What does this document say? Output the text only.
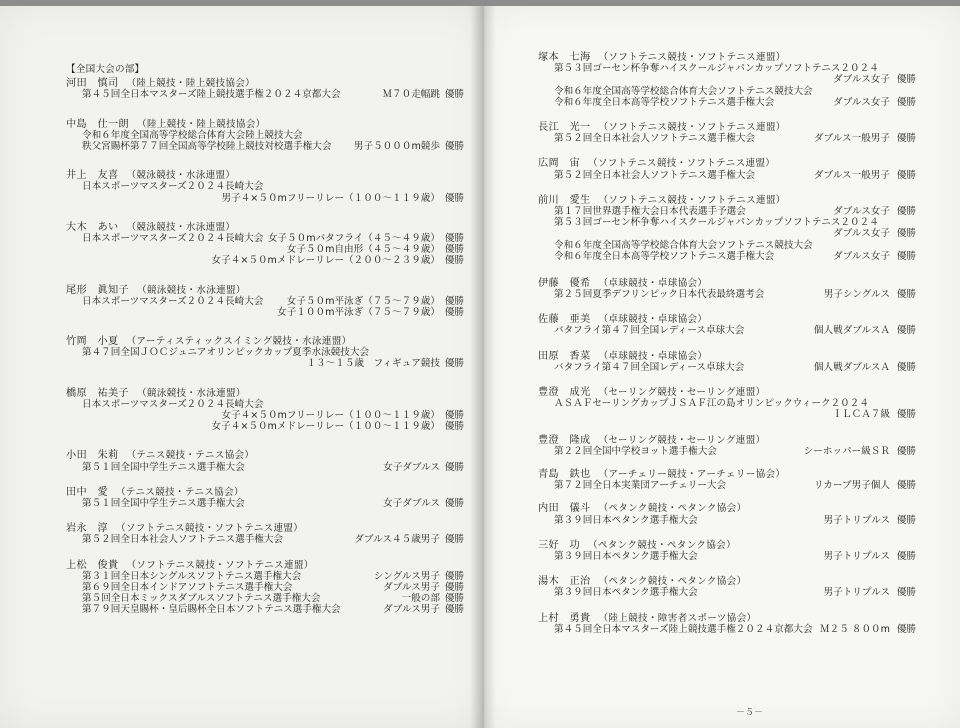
【全国大会の部】
河田　慎司 （陸上競技・陸上競技協会）
第４５回全日本マスターズ陸上競技選手権２０２４京都大会	Ｍ７０走幅跳 優勝
中島　仕一朗 （陸上競技・陸上競技協会）
令和６年度全国高等学校総合体育大会陸上競技大会
秩父宮賜杯第７７回全国高等学校陸上競技対校選手権大会 男子５０００m競歩 優勝
井上　友喜 （競泳競技・水泳連盟）
日本スポーツマスターズ２０２４長崎大会
男子４×５０mフリーリレー（１００～１１９歳） 優勝
大木　あい （競泳競技・水泳連盟）
日本スポーツマスターズ２０２４長崎大会 女子５０mバタフライ（４５～４９歳） 優勝
女子５０m自由形（４５～４９歳） 優勝
女子４×５０mメドレーリレー（２００～２３９歳） 優勝
尾形　眞知子 （競泳競技・水泳連盟）
日本スポーツマスターズ２０２４長崎大会 女子５０m平泳ぎ（７５～７９歳） 優勝
女子１００m平泳ぎ（７５～７９歳） 優勝
竹岡　小夏 （アーティスティックスイミング競技・水泳連盟）
第４７回全国ＪＯＣジュニアオリンピックカップ夏季水泳競技大会
１３～１５歳　フィギュア競技 優勝
橋原　祐美子 （競泳競技・水泳連盟）
日本スポーツマスターズ２０２４長崎大会
女子４×５０mフリーリレー（１００～１１９歳） 優勝
女子４×５０mメドレーリレー（１００～１１９歳） 優勝
小田　朱莉 （テニス競技・テニス協会）
第５１回全国中学生テニス選手権大会	女子ダブルス 優勝
田中　愛 （テニス競技・テニス協会）
第５１回全国中学生テニス選手権大会	女子ダブルス 優勝
岩永　淳 （ソフトテニス競技・ソフトテニス連盟）
第５２回全日本社会人ソフトテニス選手権大会	ダブルス４５歳男子 優勝
上松　俊貴 （ソフトテニス競技・ソフトテニス連盟）
第３１回全日本シングルスソフトテニス選手権大会	シングルス男子 優勝
第６９回全日本インドアソフトテニス選手権大会	ダブルス男子 優勝
第５回全日本ミックスダブルスソフトテニス選手権大会	一般の部 優勝
第７９回天皇賜杯・皇后賜杯全日本ソフトテニス選手権大会	ダブルス男子 優勝
塚本　七海 （ソフトテニス競技・ソフトテニス連盟）
第５３回ゴーセン杯争奪ハイスクールジャパンカップソフトテニス２０２４
ダブルス女子 優勝
令和６年度全国高等学校総合体育大会ソフトテニス競技大会
令和６年度全日本高等学校ソフトテニス選手権大会	ダブルス女子 優勝
長江　光一 （ソフトテニス競技・ソフトテニス連盟）
第５２回全日本社会人ソフトテニス選手権大会	ダブルス一般男子 優勝
広岡　宙 （ソフトテニス競技・ソフトテニス連盟）
第５２回全日本社会人ソフトテニス選手権大会	ダブルス一般男子 優勝
前川　愛生 （ソフトテニス競技・ソフトテニス連盟）
第１７回世界選手権大会日本代表選手予選会	ダブルス女子 優勝
第５３回ゴーセン杯争奪ハイスクールジャパンカップソフトテニス２０２４
ダブルス女子 優勝
令和６年度全国高等学校総合体育大会ソフトテニス競技大会
令和６年度全日本高等学校ソフトテニス選手権大会	ダブルス女子 優勝
伊藤　優希 （卓球競技・卓球協会）
第２５回夏季デフリンピック日本代表最終選考会	男子シングルス 優勝
佐藤　亜美 （卓球競技・卓球協会）
バタフライ第４７回全国レディース卓球大会	個人戦ダブルスＡ 優勝
田原　香菜 （卓球競技・卓球協会）
バタフライ第４７回全国レディース卓球大会	個人戦ダブルスＡ 優勝
豊澄　成光 （セーリング競技・セーリング連盟）
ＡＳＡＦセーリングカップＪＳＡＦ江の島オリンピックウィーク２０２４
ＩＬＣＡ７級 優勝
豊澄　隆成 （セーリング競技・セーリング連盟）
第２２回全国中学校ヨット選手権大会	シーホッパー級ＳＲ 優勝
青島　鉄也 （アーチェリー競技・アーチェリー協会）
第７２回全日本実業団アーチェリー大会	リカーブ男子個人 優勝
内田　儀斗 （ペタンク競技・ペタンク協会）
第３９回日本ペタンク選手権大会	男子トリプルス 優勝
三好　功 （ペタンク競技・ペタンク協会）
第３９回日本ペタンク選手権大会	男子トリプルス 優勝
湯木　正治 （ペタンク競技・ペタンク協会）
第３９回日本ペタンク選手権大会	男子トリプルス 優勝
上村　勇貴 （陸上競技・障害者スポーツ協会）
第４５回全日本マスターズ陸上競技選手権２０２４京都大会 Ｍ２５ ８００m 優勝
－５－
